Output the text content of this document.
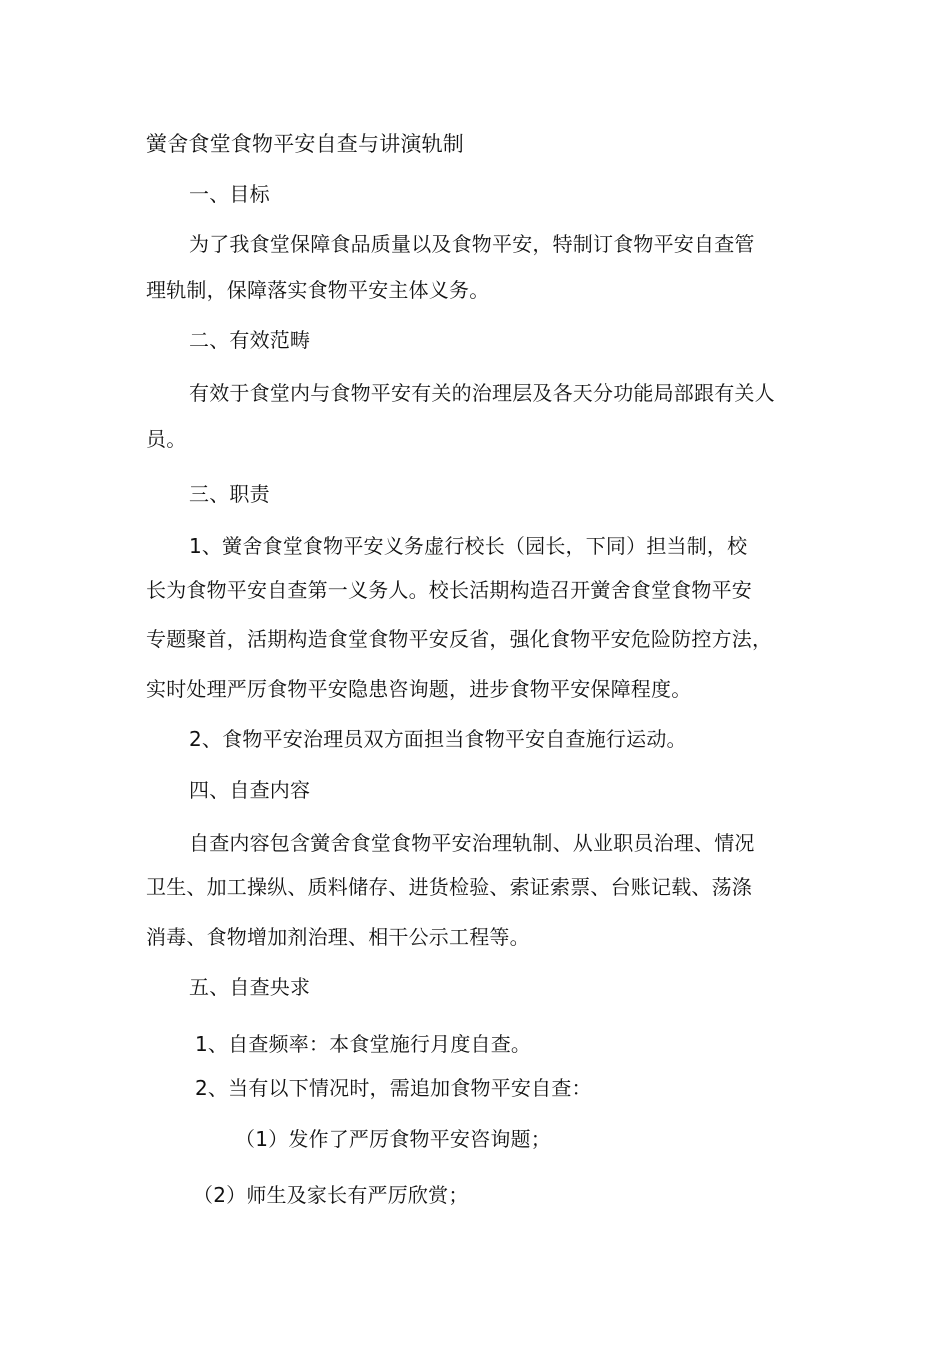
黉舍食堂食物平安自查与讲演轨制

一、目标

为了我食堂保障食品质量以及食物平安，特制订食物平安自查管

理轨制，保障落实食物平安主体义务。

二、有效范畴

有效于食堂内与食物平安有关的治理层及各天分功能局部跟有关人

员。

三、职责

1、黉舍食堂食物平安义务虚行校长（园长，下同）担当制，校

长为食物平安自查第一义务人。校长活期构造召开黉舍食堂食物平安

专题聚首，活期构造食堂食物平安反省，强化食物平安危险防控方法，

实时处理严厉食物平安隐患咨询题，进步食物平安保障程度。

2、食物平安治理员双方面担当食物平安自查施行运动。

四、自查内容

自查内容包含黉舍食堂食物平安治理轨制、从业职员治理、情况

卫生、加工操纵、质料储存、进货检验、索证索票、台账记载、荡涤

消毒、食物增加剂治理、相干公示工程等。

五、自查央求

1、自查频率：本食堂施行月度自查。

2、当有以下情况时，需追加食物平安自查：

（1）发作了严厉食物平安咨询题；

（2）师生及家长有严厉欣赏；
